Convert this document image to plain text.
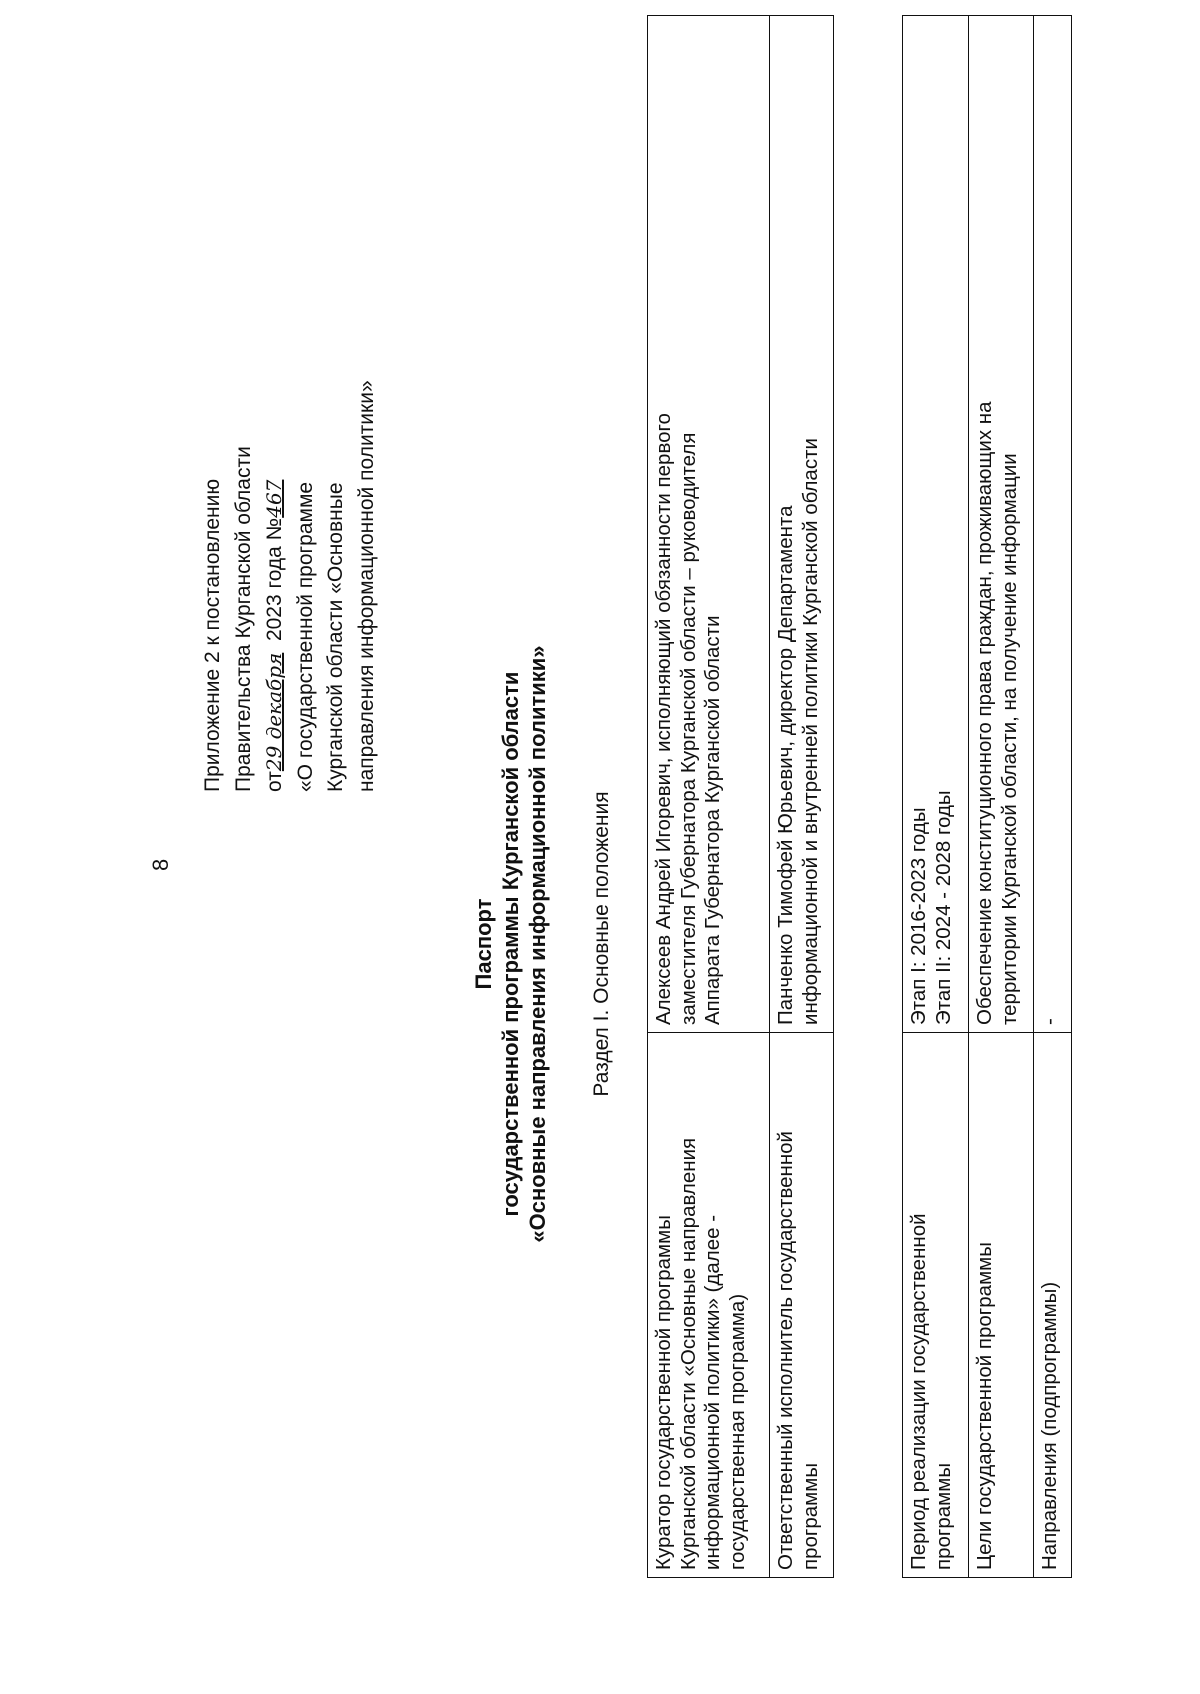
8
Приложение 2 к постановлению Правительства Курганской области от29 декабря  2023 года №467 «О государственной программе Курганской области «Основные направления информационной политики»
Паспорт государственной программы Курганской области «Основные направления информационной политики» Раздел I. Основные положения
Куратор государственной программы Курганской области «Основные направления информационной политики» (далее - государственная программа)	Алексеев Андрей Игоревич, исполняющий обязанности первого заместителя Губернатора Курганской области – руководителя Аппарата Губернатора Курганской области

Ответственный исполнитель государственной программы	Панченко Тимофей Юрьевич, директор Департамента информационной и внутренней политики Курганской области
Период реализации государственной программы	Этап I: 2016-2023 годы Этап II: 2024 - 2028 годы

Цели государственной программы	Обеспечение конституционного права граждан, проживающих на территории Курганской области, на получение информации

Направления (подпрограммы)	-
